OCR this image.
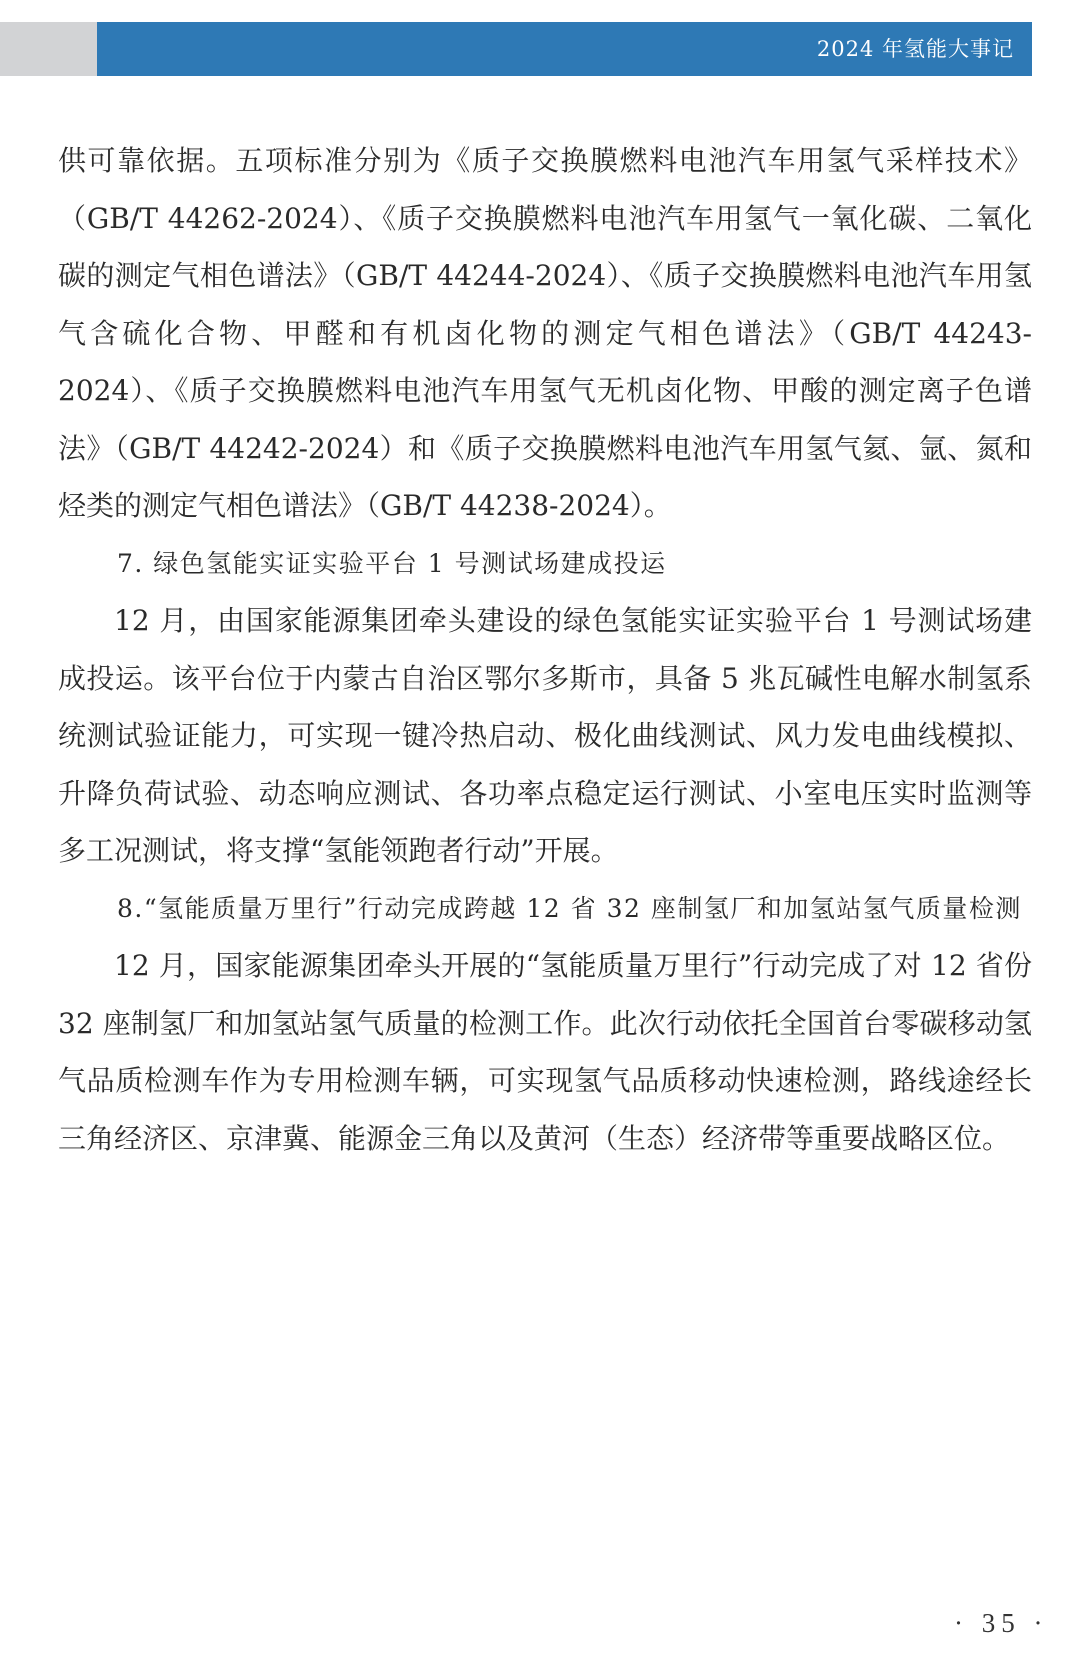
2024 年氢能大事记

供可靠依据。五项标准分别为《质子交换膜燃料电池汽车用氢气采样技术》（GB/T 44262-2024）、《质子交换膜燃料电池汽车用氢气一氧化碳、二氧化碳的测定气相色谱法》（GB/T 44244-2024）、《质子交换膜燃料电池汽车用氢气含硫化合物、甲醛和有机卤化物的测定气相色谱法》（GB/T 44243-2024）、《质子交换膜燃料电池汽车用氢气无机卤化物、甲酸的测定离子色谱法》（GB/T 44242-2024）和《质子交换膜燃料电池汽车用氢气氦、氩、氮和烃类的测定气相色谱法》（GB/T 44238-2024）。

7. 绿色氢能实证实验平台 1 号测试场建成投运

12 月，由国家能源集团牵头建设的绿色氢能实证实验平台 1 号测试场建成投运。该平台位于内蒙古自治区鄂尔多斯市，具备 5 兆瓦碱性电解水制氢系统测试验证能力，可实现一键冷热启动、极化曲线测试、风力发电曲线模拟、升降负荷试验、动态响应测试、各功率点稳定运行测试、小室电压实时监测等多工况测试，将支撑“氢能领跑者行动”开展。

8.“氢能质量万里行”行动完成跨越 12 省 32 座制氢厂和加氢站氢气质量检测

12 月，国家能源集团牵头开展的“氢能质量万里行”行动完成了对 12 省份 32 座制氢厂和加氢站氢气质量的检测工作。此次行动依托全国首台零碳移动氢气品质检测车作为专用检测车辆，可实现氢气品质移动快速检测，路线途经长三角经济区、京津冀、能源金三角以及黄河（生态）经济带等重要战略区位。

· 35 ·
